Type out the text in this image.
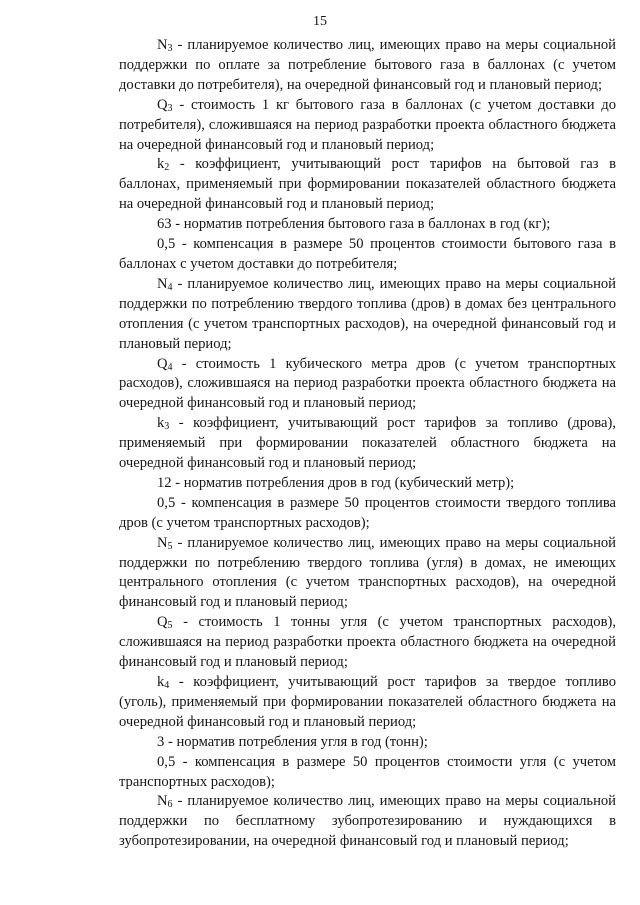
15

$N_3$ - планируемое количество лиц, имеющих право на меры социальной поддержки по оплате за потребление бытового газа в баллонах (с учетом доставки до потребителя), на очередной финансовый год и плановый период;

$Q_3$ - стоимость 1 кг бытового газа в баллонах (с учетом доставки до потребителя), сложившаяся на период разработки проекта областного бюджета на очередной финансовый год и плановый период;

$k_2$ - коэффициент, учитывающий рост тарифов на бытовой газ в баллонах, применяемый при формировании показателей областного бюджета на очередной финансовый год и плановый период;

63 - норматив потребления бытового газа в баллонах в год (кг);

0,5 - компенсация в размере 50 процентов стоимости бытового газа в баллонах с учетом доставки до потребителя;

$N_4$ - планируемое количество лиц, имеющих право на меры социальной поддержки по потреблению твердого топлива (дров) в домах без центрального отопления (с учетом транспортных расходов), на очередной финансовый год и плановый период;

$Q_4$ - стоимость 1 кубического метра дров (с учетом транспортных расходов), сложившаяся на период разработки проекта областного бюджета на очередной финансовый год и плановый период;

$k_3$ - коэффициент, учитывающий рост тарифов за топливо (дрова), применяемый при формировании показателей областного бюджета на очередной финансовый год и плановый период;

12 - норматив потребления дров в год (кубический метр);

0,5 - компенсация в размере 50 процентов стоимости твердого топлива дров (с учетом транспортных расходов);

$N_5$ - планируемое количество лиц, имеющих право на меры социальной поддержки по потреблению твердого топлива (угля) в домах, не имеющих центрального отопления (с учетом транспортных расходов), на очередной финансовый год и плановый период;

$Q_5$ - стоимость 1 тонны угля (с учетом транспортных расходов), сложившаяся на период разработки проекта областного бюджета на очередной финансовый год и плановый период;

$k_4$ - коэффициент, учитывающий рост тарифов за твердое топливо (уголь), применяемый при формировании показателей областного бюджета на очередной финансовый год и плановый период;

3 - норматив потребления угля в год (тонн);

0,5 - компенсация в размере 50 процентов стоимости угля (с учетом транспортных расходов);

$N_6$ - планируемое количество лиц, имеющих право на меры социальной поддержки по бесплатному зубопротезированию и нуждающихся в зубопротезировании, на очередной финансовый год и плановый период;
